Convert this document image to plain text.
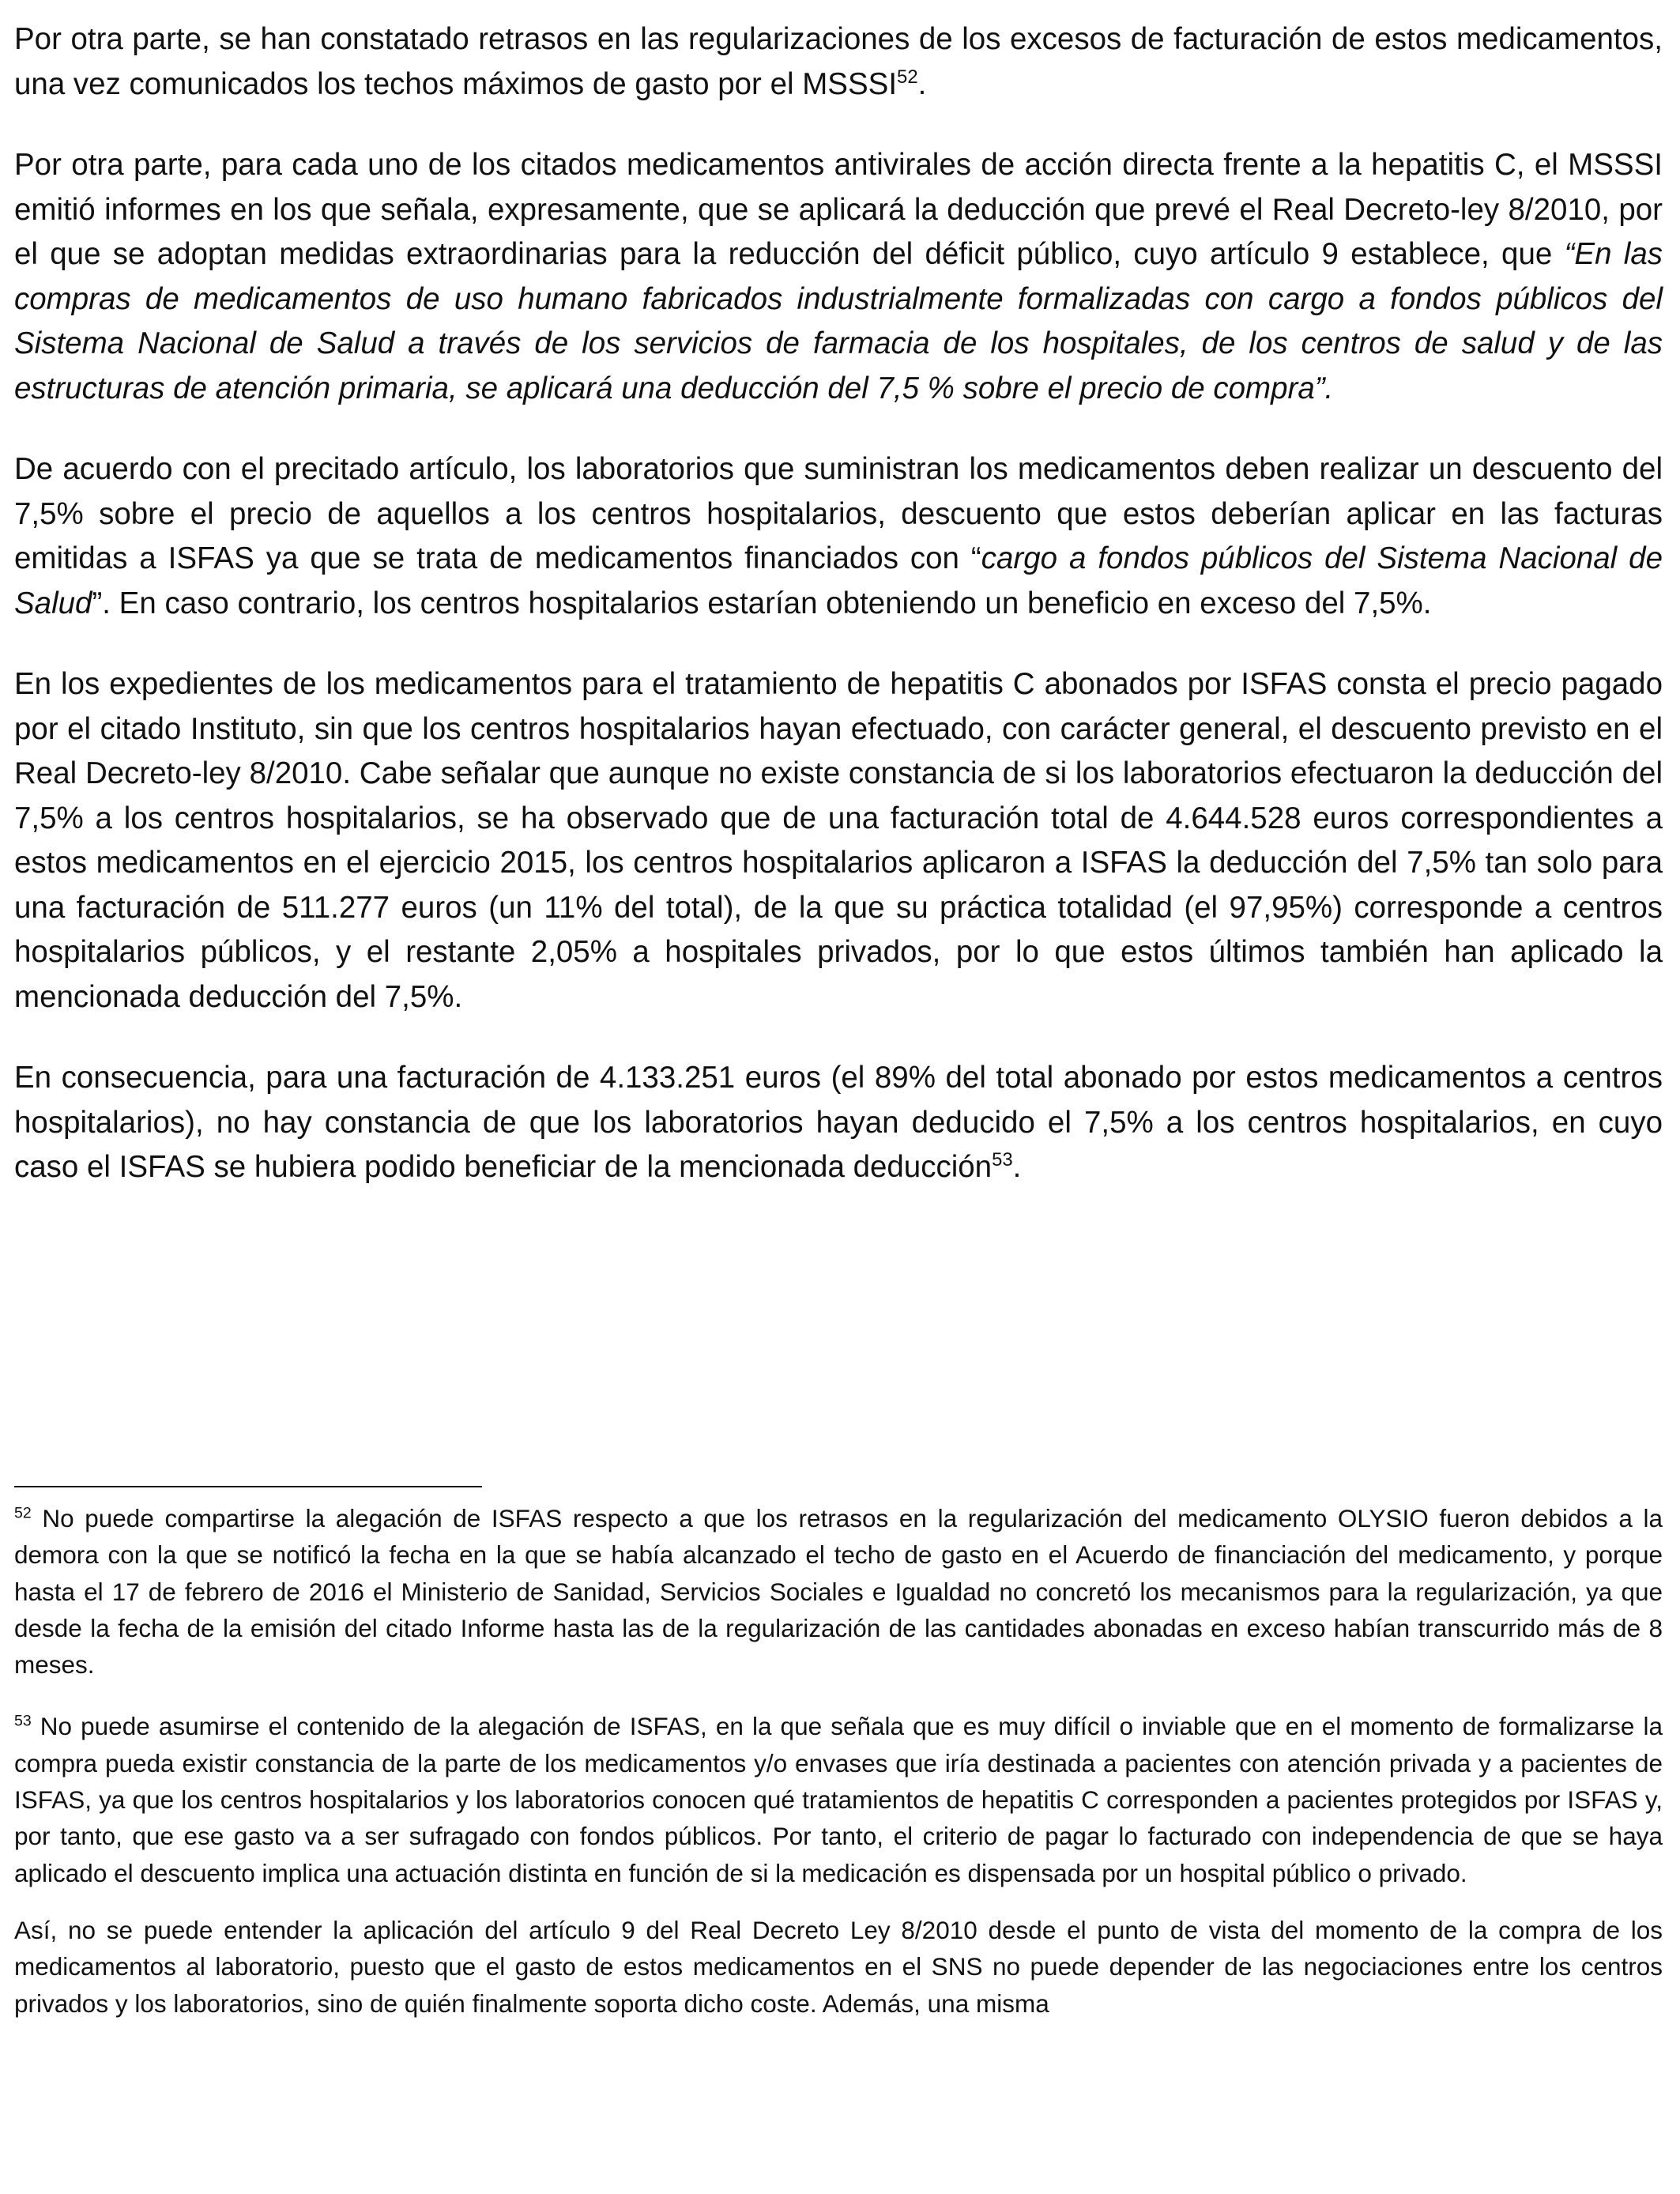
Por otra parte, se han constatado retrasos en las regularizaciones de los excesos de facturación de estos medicamentos, una vez comunicados los techos máximos de gasto por el MSSSI$^{52}$.

Por otra parte, para cada uno de los citados medicamentos antivirales de acción directa frente a la hepatitis C, el MSSSI emitió informes en los que señala, expresamente, que se aplicará la deducción que prevé el Real Decreto-ley 8/2010, por el que se adoptan medidas extraordinarias para la reducción del déficit público, cuyo artículo 9 establece, que “En las compras de medicamentos de uso humano fabricados industrialmente formalizadas con cargo a fondos públicos del Sistema Nacional de Salud a través de los servicios de farmacia de los hospitales, de los centros de salud y de las estructuras de atención primaria, se aplicará una deducción del 7,5 % sobre el precio de compra”.

De acuerdo con el precitado artículo, los laboratorios que suministran los medicamentos deben realizar un descuento del 7,5% sobre el precio de aquellos a los centros hospitalarios, descuento que estos deberían aplicar en las facturas emitidas a ISFAS ya que se trata de medicamentos financiados con “cargo a fondos públicos del Sistema Nacional de Salud”. En caso contrario, los centros hospitalarios estarían obteniendo un beneficio en exceso del 7,5%.

En los expedientes de los medicamentos para el tratamiento de hepatitis C abonados por ISFAS consta el precio pagado por el citado Instituto, sin que los centros hospitalarios hayan efectuado, con carácter general, el descuento previsto en el Real Decreto-ley 8/2010. Cabe señalar que aunque no existe constancia de si los laboratorios efectuaron la deducción del 7,5% a los centros hospitalarios, se ha observado que de una facturación total de 4.644.528 euros correspondientes a estos medicamentos en el ejercicio 2015, los centros hospitalarios aplicaron a ISFAS la deducción del 7,5% tan solo para una facturación de 511.277 euros (un 11% del total), de la que su práctica totalidad (el 97,95%) corresponde a centros hospitalarios públicos, y el restante 2,05% a hospitales privados, por lo que estos últimos también han aplicado la mencionada deducción del 7,5%.

En consecuencia, para una facturación de 4.133.251 euros (el 89% del total abonado por estos medicamentos a centros hospitalarios), no hay constancia de que los laboratorios hayan deducido el 7,5% a los centros hospitalarios, en cuyo caso el ISFAS se hubiera podido beneficiar de la mencionada deducción$^{53}$.

$^{52}$ No puede compartirse la alegación de ISFAS respecto a que los retrasos en la regularización del medicamento OLYSIO fueron debidos a la demora con la que se notificó la fecha en la que se había alcanzado el techo de gasto en el Acuerdo de financiación del medicamento, y porque hasta el 17 de febrero de 2016 el Ministerio de Sanidad, Servicios Sociales e Igualdad no concretó los mecanismos para la regularización, ya que desde la fecha de la emisión del citado Informe hasta las de la regularización de las cantidades abonadas en exceso habían transcurrido más de 8 meses.

$^{53}$ No puede asumirse el contenido de la alegación de ISFAS, en la que señala que es muy difícil o inviable que en el momento de formalizarse la compra pueda existir constancia de la parte de los medicamentos y/o envases que iría destinada a pacientes con atención privada y a pacientes de ISFAS, ya que los centros hospitalarios y los laboratorios conocen qué tratamientos de hepatitis C corresponden a pacientes protegidos por ISFAS y, por tanto, que ese gasto va a ser sufragado con fondos públicos. Por tanto, el criterio de pagar lo facturado con independencia de que se haya aplicado el descuento implica una actuación distinta en función de si la medicación es dispensada por un hospital público o privado.

Así, no se puede entender la aplicación del artículo 9 del Real Decreto Ley 8/2010 desde el punto de vista del momento de la compra de los medicamentos al laboratorio, puesto que el gasto de estos medicamentos en el SNS no puede depender de las negociaciones entre los centros privados y los laboratorios, sino de quién finalmente soporta dicho coste. Además, una misma
